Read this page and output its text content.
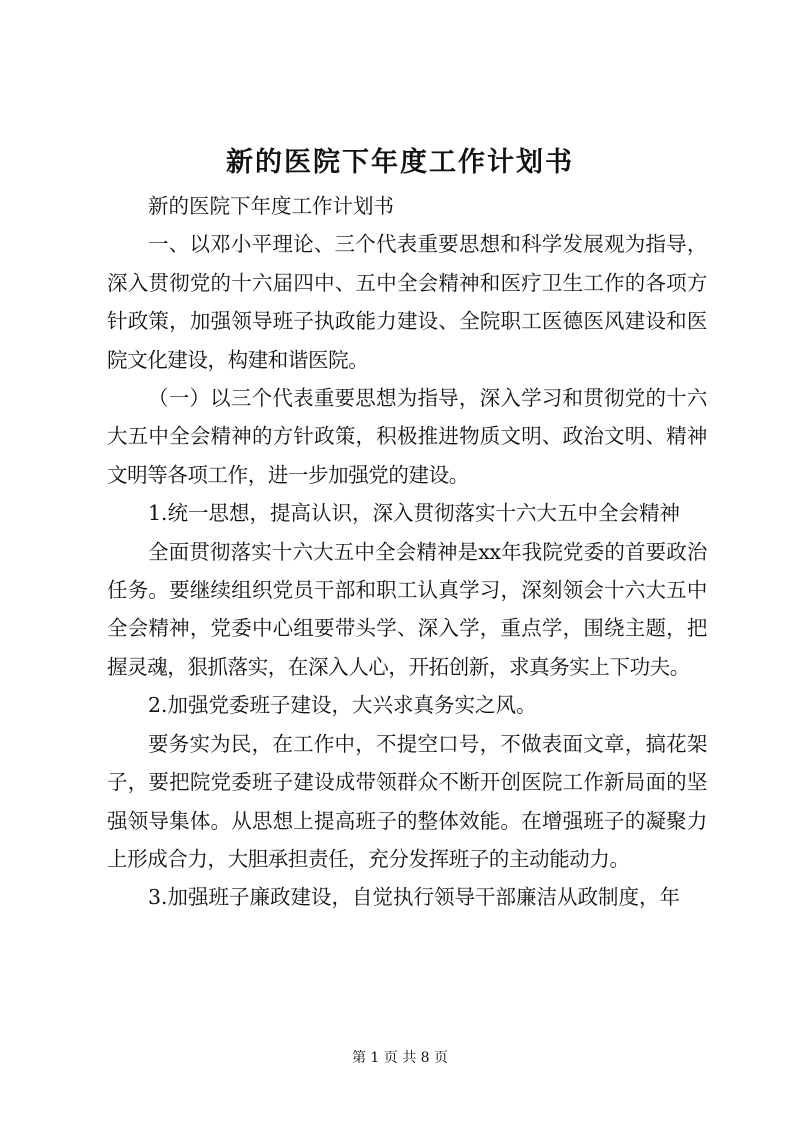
新的医院下年度工作计划书

新的医院下年度工作计划书

一、以邓小平理论、三个代表重要思想和科学发展观为指导，深入贯彻党的十六届四中、五中全会精神和医疗卫生工作的各项方针政策，加强领导班子执政能力建设、全院职工医德医风建设和医院文化建设，构建和谐医院。

（一）以三个代表重要思想为指导，深入学习和贯彻党的十六大五中全会精神的方针政策，积极推进物质文明、政治文明、精神文明等各项工作，进一步加强党的建设。

1.统一思想，提高认识，深入贯彻落实十六大五中全会精神

全面贯彻落实十六大五中全会精神是xx年我院党委的首要政治任务。要继续组织党员干部和职工认真学习，深刻领会十六大五中全会精神，党委中心组要带头学、深入学，重点学，围绕主题，把握灵魂，狠抓落实，在深入人心，开拓创新，求真务实上下功夫。

2.加强党委班子建设，大兴求真务实之风。

要务实为民，在工作中，不提空口号，不做表面文章，搞花架子，要把院党委班子建设成带领群众不断开创医院工作新局面的坚强领导集体。从思想上提高班子的整体效能。在增强班子的凝聚力上形成合力，大胆承担责任，充分发挥班子的主动能动力。

3.加强班子廉政建设，自觉执行领导干部廉洁从政制度，年

第 1 页 共 8 页
